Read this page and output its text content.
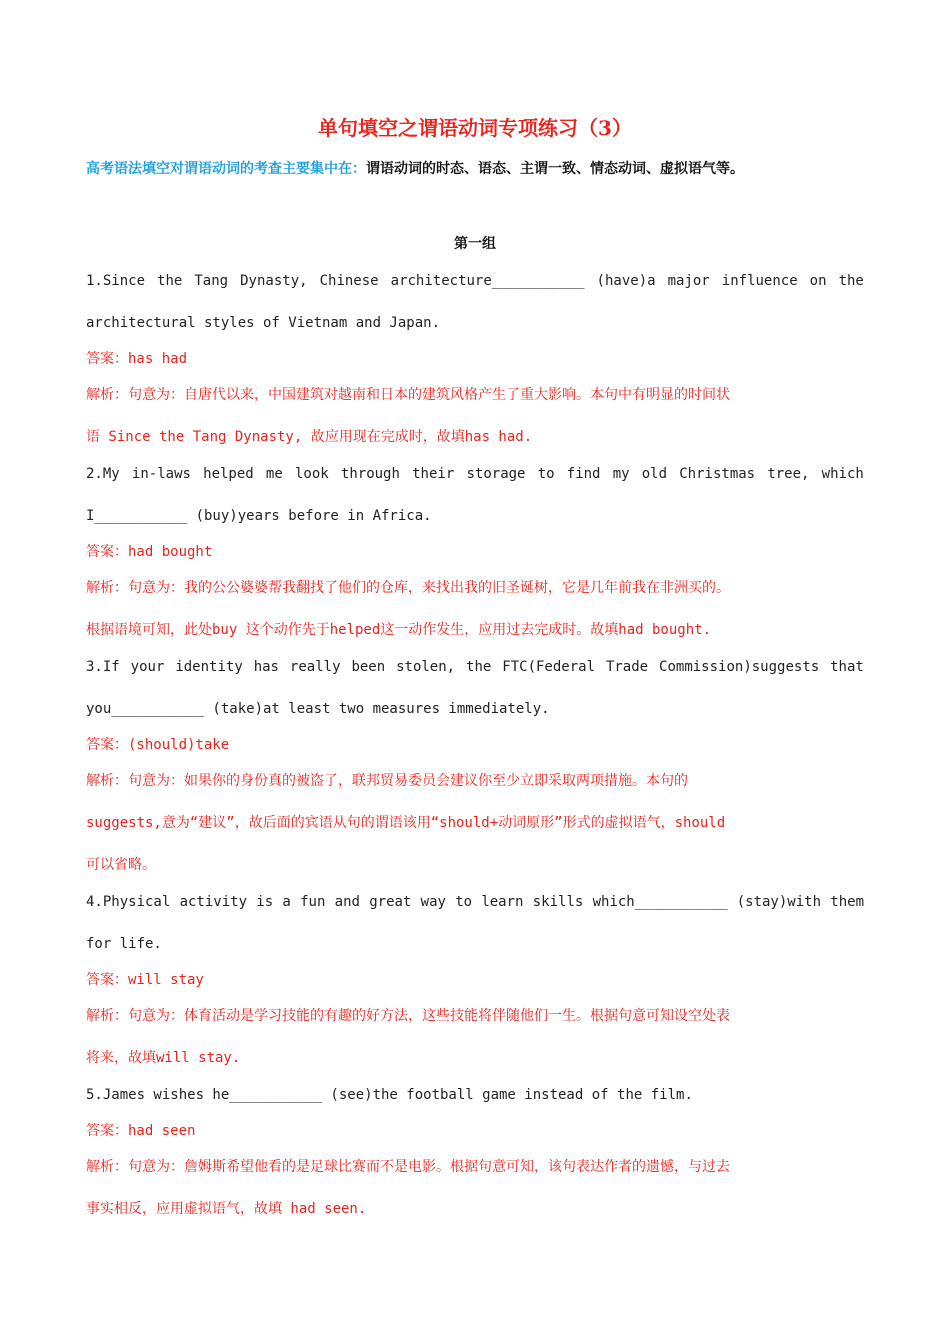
单句填空之谓语动词专项练习（3）
高考语法填空对谓语动词的考查主要集中在：谓语动词的时态、语态、主谓一致、情态动词、虚拟语气等。
第一组
1.Since the Tang Dynasty, Chinese architecture___________ (have)a major influence on the
architectural styles of Vietnam and Japan.
答案：has had
解析：句意为：自唐代以来，中国建筑对越南和日本的建筑风格产生了重大影响。本句中有明显的时间状
语 Since the Tang Dynasty, 故应用现在完成时，故填has had.
2.My in-laws helped me look through their storage to find my old Christmas tree, which
I___________ (buy)years before in Africa.
答案：had bought
解析：句意为：我的公公婆婆帮我翻找了他们的仓库，来找出我的旧圣诞树，它是几年前我在非洲买的。
根据语境可知，此处buy 这个动作先于helped这一动作发生，应用过去完成时。故填had bought.
3.If your identity has really been stolen, the FTC(Federal Trade Commission)suggests that
you___________ (take)at least two measures immediately.
答案：(should)take
解析：句意为：如果你的身份真的被盗了，联邦贸易委员会建议你至少立即采取两项措施。本句的
suggests,意为“建议”，故后面的宾语从句的谓语该用“should+动词原形”形式的虚拟语气，should
可以省略。
4.Physical activity is a fun and great way to learn skills which___________ (stay)with them
for life.
答案：will stay
解析：句意为：体育活动是学习技能的有趣的好方法，这些技能将伴随他们一生。根据句意可知设空处表
将来，故填will stay.
5.James wishes he___________ (see)the football game instead of the film.
答案：had seen
解析：句意为：詹姆斯希望他看的是足球比赛而不是电影。根据句意可知，该句表达作者的遗憾，与过去
事实相反，应用虚拟语气，故填 had seen.
